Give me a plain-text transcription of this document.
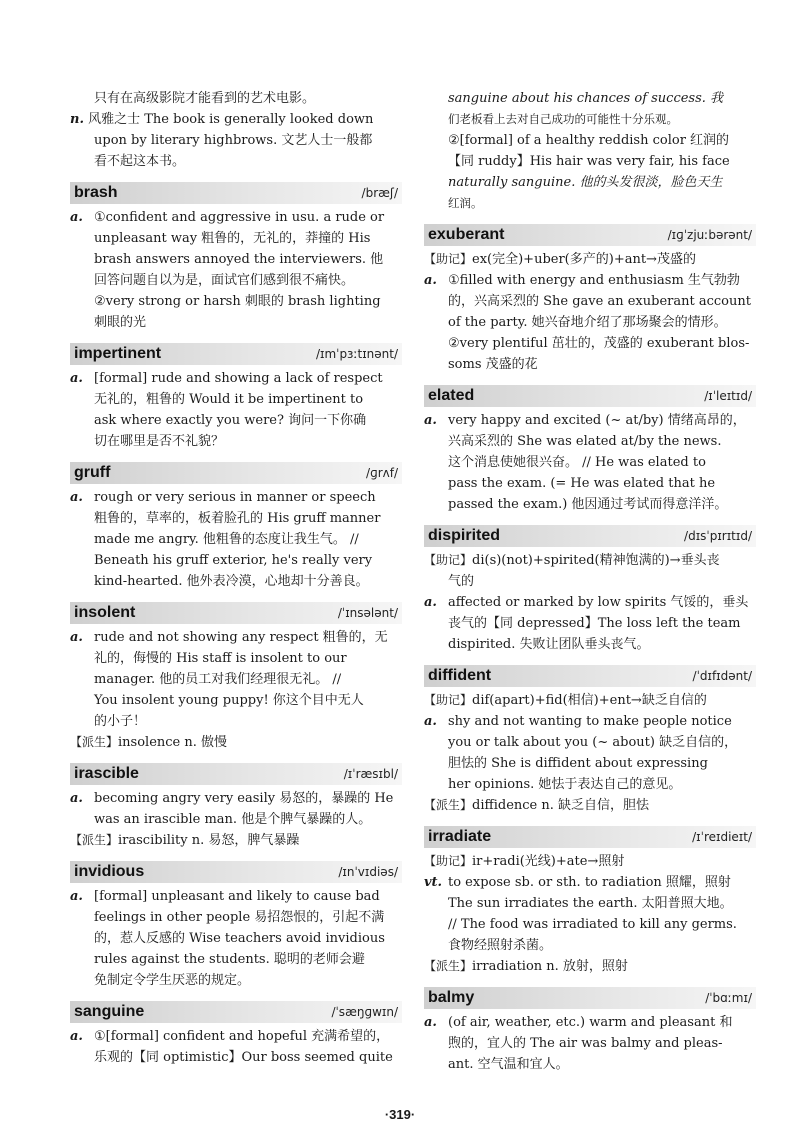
只有在高级影院才能看到的艺术电影。
n. 风雅之士 The book is generally looked down
upon by literary highbrows. 文艺人士一般都
看不起这本书。
brash	/bræʃ/
a. ①confident and aggressive in usu. a rude or
unpleasant way 粗鲁的，无礼的，莽撞的 His
brash answers annoyed the interviewers. 他
回答问题自以为是，面试官们感到很不痛快。
②very strong or harsh 刺眼的 brash lighting
刺眼的光
impertinent	/ɪmˈpɜːtɪnənt/
a. [formal] rude and showing a lack of respect
无礼的，粗鲁的 Would it be impertinent to
ask where exactly you were? 询问一下你确
切在哪里是否不礼貌？
gruff	/ɡrʌf/
a. rough or very serious in manner or speech
粗鲁的，草率的，板着脸孔的 His gruff manner
made me angry. 他粗鲁的态度让我生气。 //
Beneath his gruff exterior, he's really very
kind-hearted. 他外表冷漠，心地却十分善良。
insolent	/ˈɪnsələnt/
a. rude and not showing any respect 粗鲁的，无
礼的，侮慢的 His staff is insolent to our
manager. 他的员工对我们经理很无礼。 //
You insolent young puppy! 你这个目中无人
的小子！
【派生】insolence n. 傲慢
irascible	/ɪˈræsɪbl/
a. becoming angry very easily 易怒的，暴躁的 He
was an irascible man. 他是个脾气暴躁的人。
【派生】irascibility n. 易怒，脾气暴躁
invidious	/ɪnˈvɪdiəs/
a. [formal] unpleasant and likely to cause bad
feelings in other people 易招怨恨的，引起不满
的，惹人反感的 Wise teachers avoid invidious
rules against the students. 聪明的老师会避
免制定令学生厌恶的规定。
sanguine	/ˈsæŋɡwɪn/
a. ①[formal] confident and hopeful 充满希望的，
乐观的【同 optimistic】Our boss seemed quite
sanguine about his chances of success. 我
们老板看上去对自己成功的可能性十分乐观。
②[formal] of a healthy reddish color 红润的
【同 ruddy】His hair was very fair, his face
naturally sanguine. 他的头发很淡，脸色天生
红润。
exuberant	/ɪɡˈzjuːbərənt/
【助记】ex(完全)+uber(多产的)+ant→茂盛的
a. ①filled with energy and enthusiasm 生气勃勃
的，兴高采烈的 She gave an exuberant account
of the party. 她兴奋地介绍了那场聚会的情形。
②very plentiful 茁壮的，茂盛的 exuberant blos-
soms 茂盛的花
elated	/ɪˈleɪtɪd/
a. very happy and excited (~ at/by) 情绪高昂的，
兴高采烈的 She was elated at/by the news.
这个消息使她很兴奋。 // He was elated to
pass the exam. (= He was elated that he
passed the exam.) 他因通过考试而得意洋洋。
dispirited	/dɪsˈpɪrɪtɪd/
【助记】di(s)(not)+spirited(精神饱满的)→垂头丧
气的
a. affected or marked by low spirits 气馁的，垂头
丧气的【同 depressed】The loss left the team
dispirited. 失败让团队垂头丧气。
diffident	/ˈdɪfɪdənt/
【助记】dif(apart)+fid(相信)+ent→缺乏自信的
a. shy and not wanting to make people notice
you or talk about you (~ about) 缺乏自信的，
胆怯的 She is diffident about expressing
her opinions. 她怯于表达自己的意见。
【派生】diffidence n. 缺乏自信，胆怯
irradiate	/ɪˈreɪdieɪt/
【助记】ir+radi(光线)+ate→照射
vt. to expose sb. or sth. to radiation 照耀，照射
The sun irradiates the earth. 太阳普照大地。
// The food was irradiated to kill any germs.
食物经照射杀菌。
【派生】irradiation n. 放射，照射
balmy	/ˈbɑːmɪ/
a. (of air, weather, etc.) warm and pleasant 和
煦的，宜人的 The air was balmy and pleas-
ant. 空气温和宜人。
·319·
